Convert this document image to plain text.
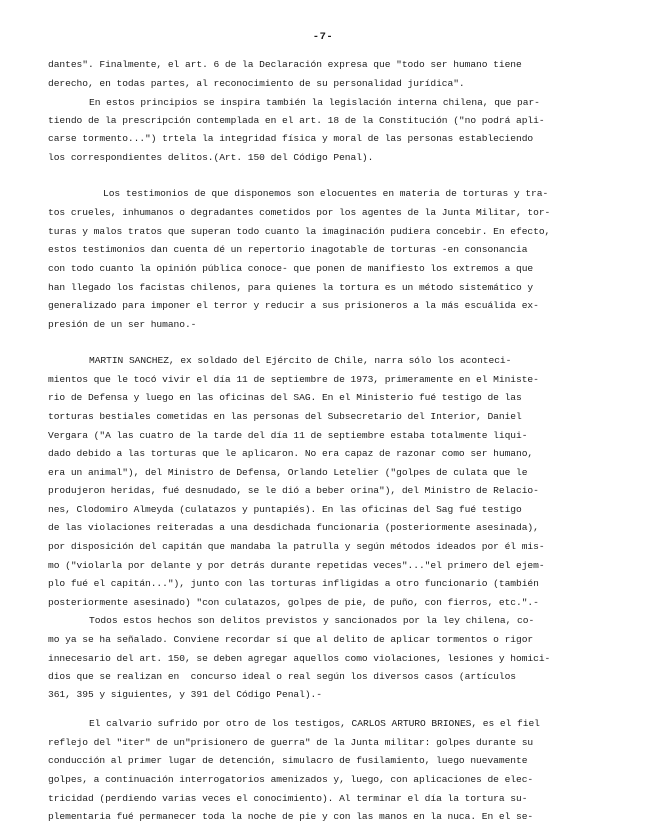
-7-
dantes". Finalmente, el art. 6 de la Declaración expresa que "todo ser humano tiene
derecho, en todas partes, al reconocimiento de su personalidad jurídica".
En estos principios se inspira también la legislación interna chilena, que par-
tiendo de la prescripción contemplada en el art. 18 de la Constitución ("no podrá apli-
carse tormento...") trtela la integridad física y moral de las personas estableciendo
los correspondientes delitos.(Art. 150 del Código Penal).
Los testimonios de que disponemos son elocuentes en materia de torturas y tra-
tos crueles, inhumanos o degradantes cometidos por los agentes de la Junta Militar, tor-
turas y malos tratos que superan todo cuanto la imaginación pudiera concebir. En efecto,
estos testimonios dan cuenta dé un repertorio inagotable de torturas -en consonancia
con todo cuanto la opinión pública conoce- que ponen de manifiesto los extremos a que
han llegado los facistas chilenos, para quienes la tortura es un método sistemático y
generalizado para imponer el terror y reducir a sus prisioneros a la más escuálida ex-
presión de un ser humano.-
MARTIN SANCHEZ, ex soldado del Ejército de Chile, narra sólo los aconteci-
mientos que le tocó vivir el día 11 de septiembre de 1973, primeramente en el Ministe-
rio de Defensa y luego en las oficinas del SAG. En el Ministerio fué testigo de las
torturas bestiales cometidas en las personas del Subsecretario del Interior, Daniel
Vergara ("A las cuatro de la tarde del día 11 de septiembre estaba totalmente liqui-
dado debido a las torturas que le aplicaron. No era capaz de razonar como ser humano,
era un animal"), del Ministro de Defensa, Orlando Letelier ("golpes de culata que le
produjeron heridas, fué desnudado, se le dió a beber orina"), del Ministro de Relacio-
nes, Clodomiro Almeyda (culatazos y puntapiés). En las oficinas del Sag fué testigo
de las violaciones reiteradas a una desdichada funcionaria (posteriormente asesinada),
por disposición del capitán que mandaba la patrulla y según métodos ideados por él mis-
mo ("violarla por delante y por detrás durante repetidas veces"..."el primero del ejem-
plo fué el capitán..."), junto con las torturas infligidas a otro funcionario (también
posteriormente asesinado) "con culatazos, golpes de pie, de puño, con fierros, etc.".-
Todos estos hechos son delitos previstos y sancionados por la ley chilena, co-
mo ya se ha señalado. Conviene recordar sí que al delito de aplicar tormentos o rigor
innecesario del art. 150, se deben agregar aquellos como violaciones, lesiones y homici-
dios que se realizan en  concurso ideal o real según los diversos casos (artículos
361, 395 y siguientes, y 391 del Código Penal).-
El calvario sufrido por otro de los testigos, CARLOS ARTURO BRIONES, es el fiel
reflejo del "iter" de un"prisionero de guerra" de la Junta militar: golpes durante su
conducción al primer lugar de detención, simulacro de fusilamiento, luego nuevamente
golpes, a continuación interrogatorios amenizados y, luego, con aplicaciones de elec-
tricidad (perdiendo varias veces el conocimiento). Al terminar el día la tortura su-
plementaria fué permanecer toda la noche de pie y con las manos en la nuca. En el se-
